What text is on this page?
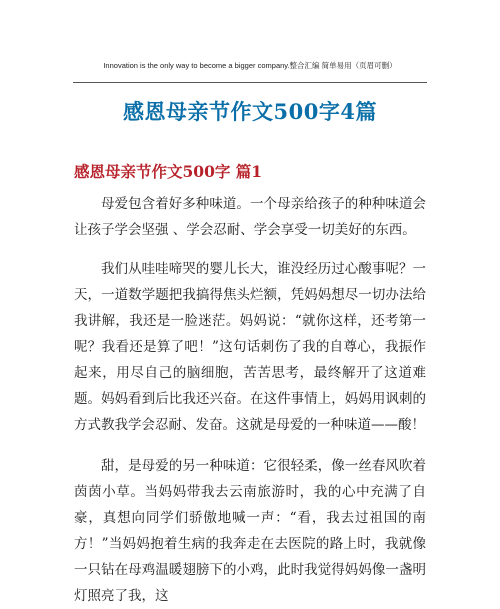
Innovation is the only way to become a bigger company.整合汇编 简单易用（页眉可删）
感恩母亲节作文500字4篇
感恩母亲节作文500字 篇1

母爱包含着好多种味道。一个母亲给孩子的种种味道会让孩子学会坚强 、学会忍耐、学会享受一切美好的东西。

我们从哇哇啼哭的婴儿长大，谁没经历过心酸事呢？一天，一道数学题把我搞得焦头烂额，凭妈妈想尽一切办法给我讲解，我还是一脸迷茫。妈妈说：“就你这样，还考第一呢？我看还是算了吧！”这句话刺伤了我的自尊心，我振作起来，用尽自己的脑细胞，苦苦思考，最终解开了这道难题。妈妈看到后比我还兴奋。在这件事情上，妈妈用讽刺的方式教我学会忍耐、发奋。这就是母爱的一种味道——酸！

甜，是母爱的另一种味道：它很轻柔，像一丝春风吹着茵茵小草。当妈妈带我去云南旅游时，我的心中充满了自豪，真想向同学们骄傲地喊一声：“看，我去过祖国的南方！”当妈妈抱着生病的我奔走在去医院的路上时，我就像一只钻在母鸡温暖翅膀下的小鸡，此时我觉得妈妈像一盏明灯照亮了我，这
